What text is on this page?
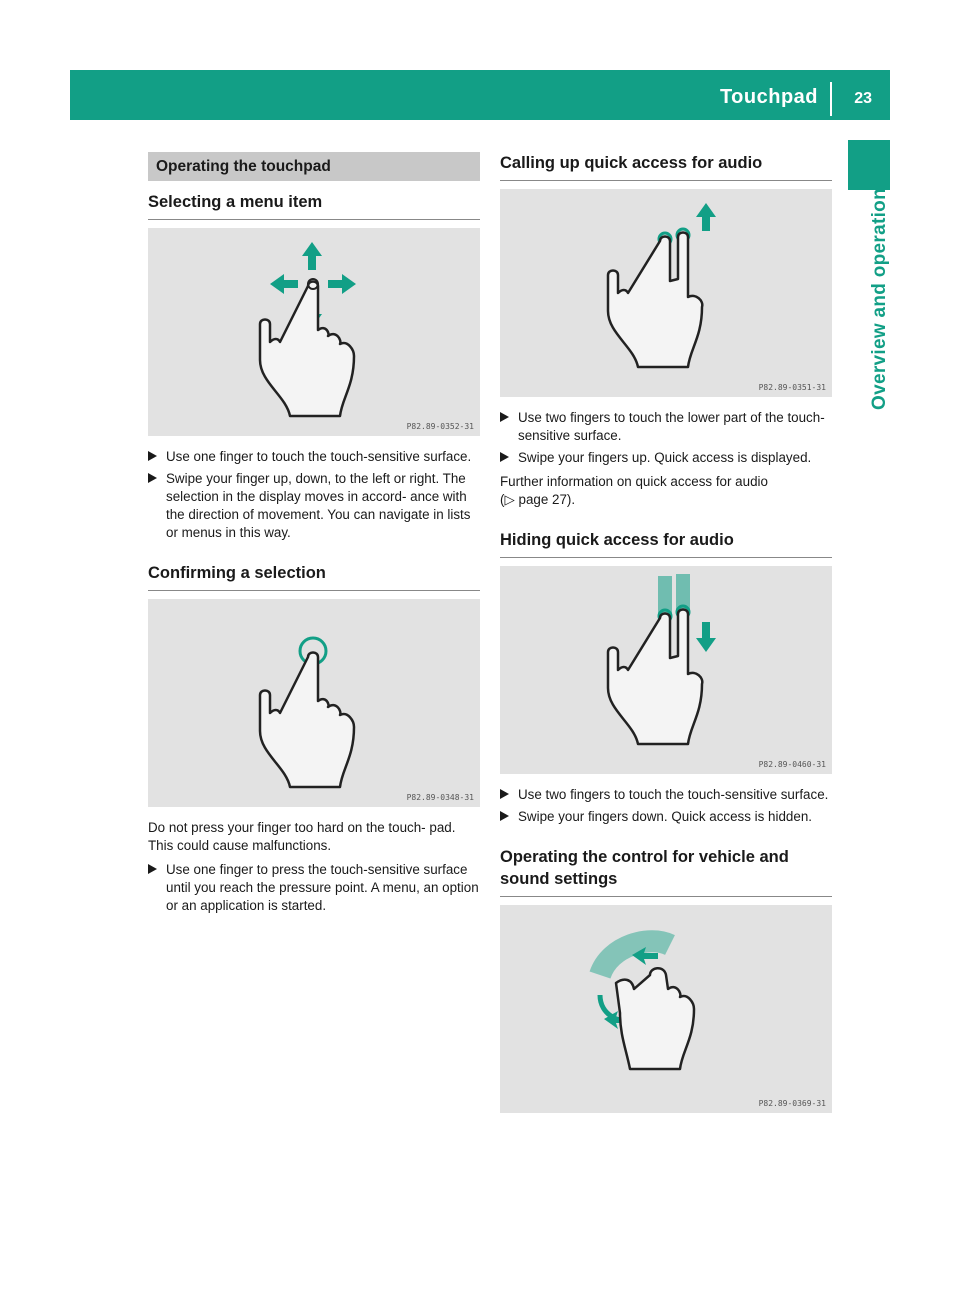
Touchpad 23
Overview and operation
Operating the touchpad
Selecting a menu item
P82.89-0352-31
Use one finger to touch the touch-sensitive surface.
Swipe your finger up, down, to the left or right. The selection in the display moves in accord- ance with the direction of movement. You can navigate in lists or menus in this way.
Confirming a selection
P82.89-0348-31
Do not press your finger too hard on the touch- pad. This could cause malfunctions.
Use one finger to press the touch-sensitive surface until you reach the pressure point. A menu, an option or an application is started.
Calling up quick access for audio
P82.89-0351-31
Use two fingers to touch the lower part of the touch-sensitive surface.
Swipe your fingers up. Quick access is displayed.
Further information on quick access for audio
(▷ page 27).
Hiding quick access for audio
P82.89-0460-31
Use two fingers to touch the touch-sensitive surface.
Swipe your fingers down. Quick access is hidden.
Operating the control for vehicle and sound settings
P82.89-0369-31
